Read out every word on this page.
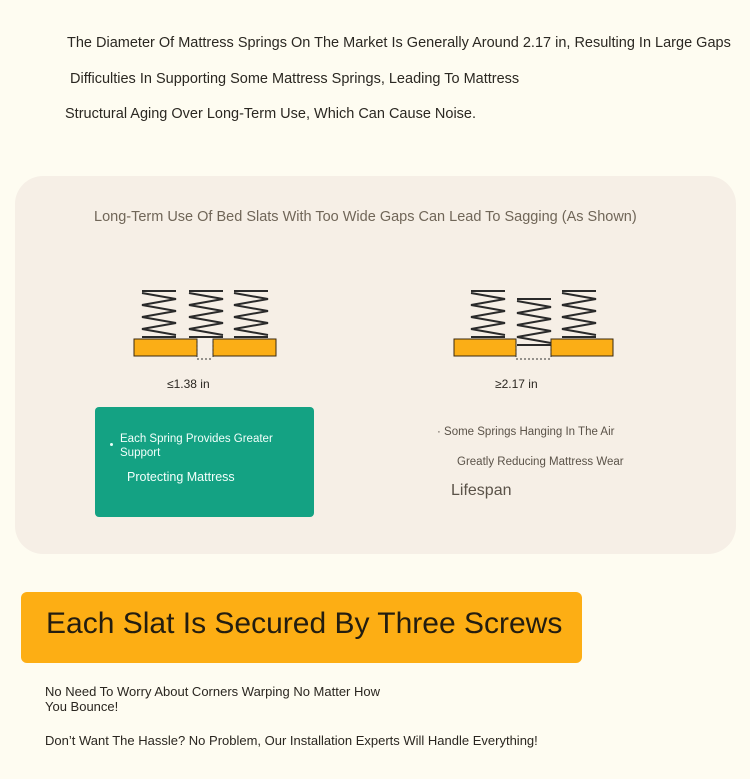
The Diameter Of Mattress Springs On The Market Is Generally Around 2.17 in, Resulting In Large Gaps
Difficulties In Supporting Some Mattress Springs, Leading To Mattress
Structural Aging Over Long-Term Use, Which Can Cause Noise.
Long-Term Use Of Bed Slats With Too Wide Gaps Can Lead To Sagging (As Shown)
≤1.38 in	≥2.17 in
Each Spring Provides Greater Support
Protecting Mattress
· Some Springs Hanging In The Air
Greatly Reducing Mattress Wear
Lifespan
Each Slat Is Secured By Three Screws
No Need To Worry About Corners Warping No Matter How You Bounce!
Don’t Want The Hassle? No Problem, Our Installation Experts Will Handle Everything!
